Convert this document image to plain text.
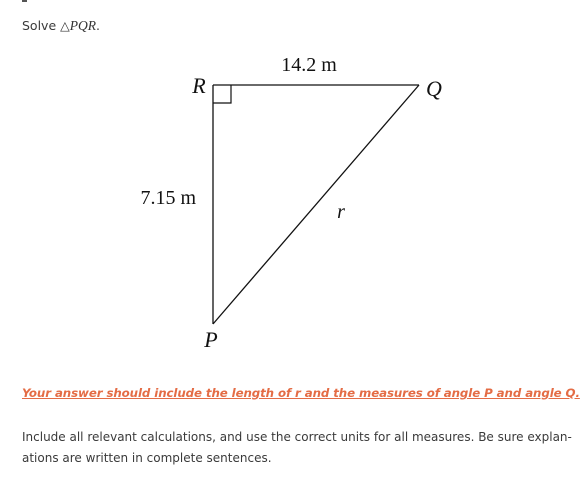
Solve △PQR.
14.2 m
7.15 m
r
R	Q
P
Your answer should include the length of r and the measures of angle P and angle Q.
Include all relevant calculations, and use the correct units for all measures. Be sure explan-
ations are written in complete sentences.
